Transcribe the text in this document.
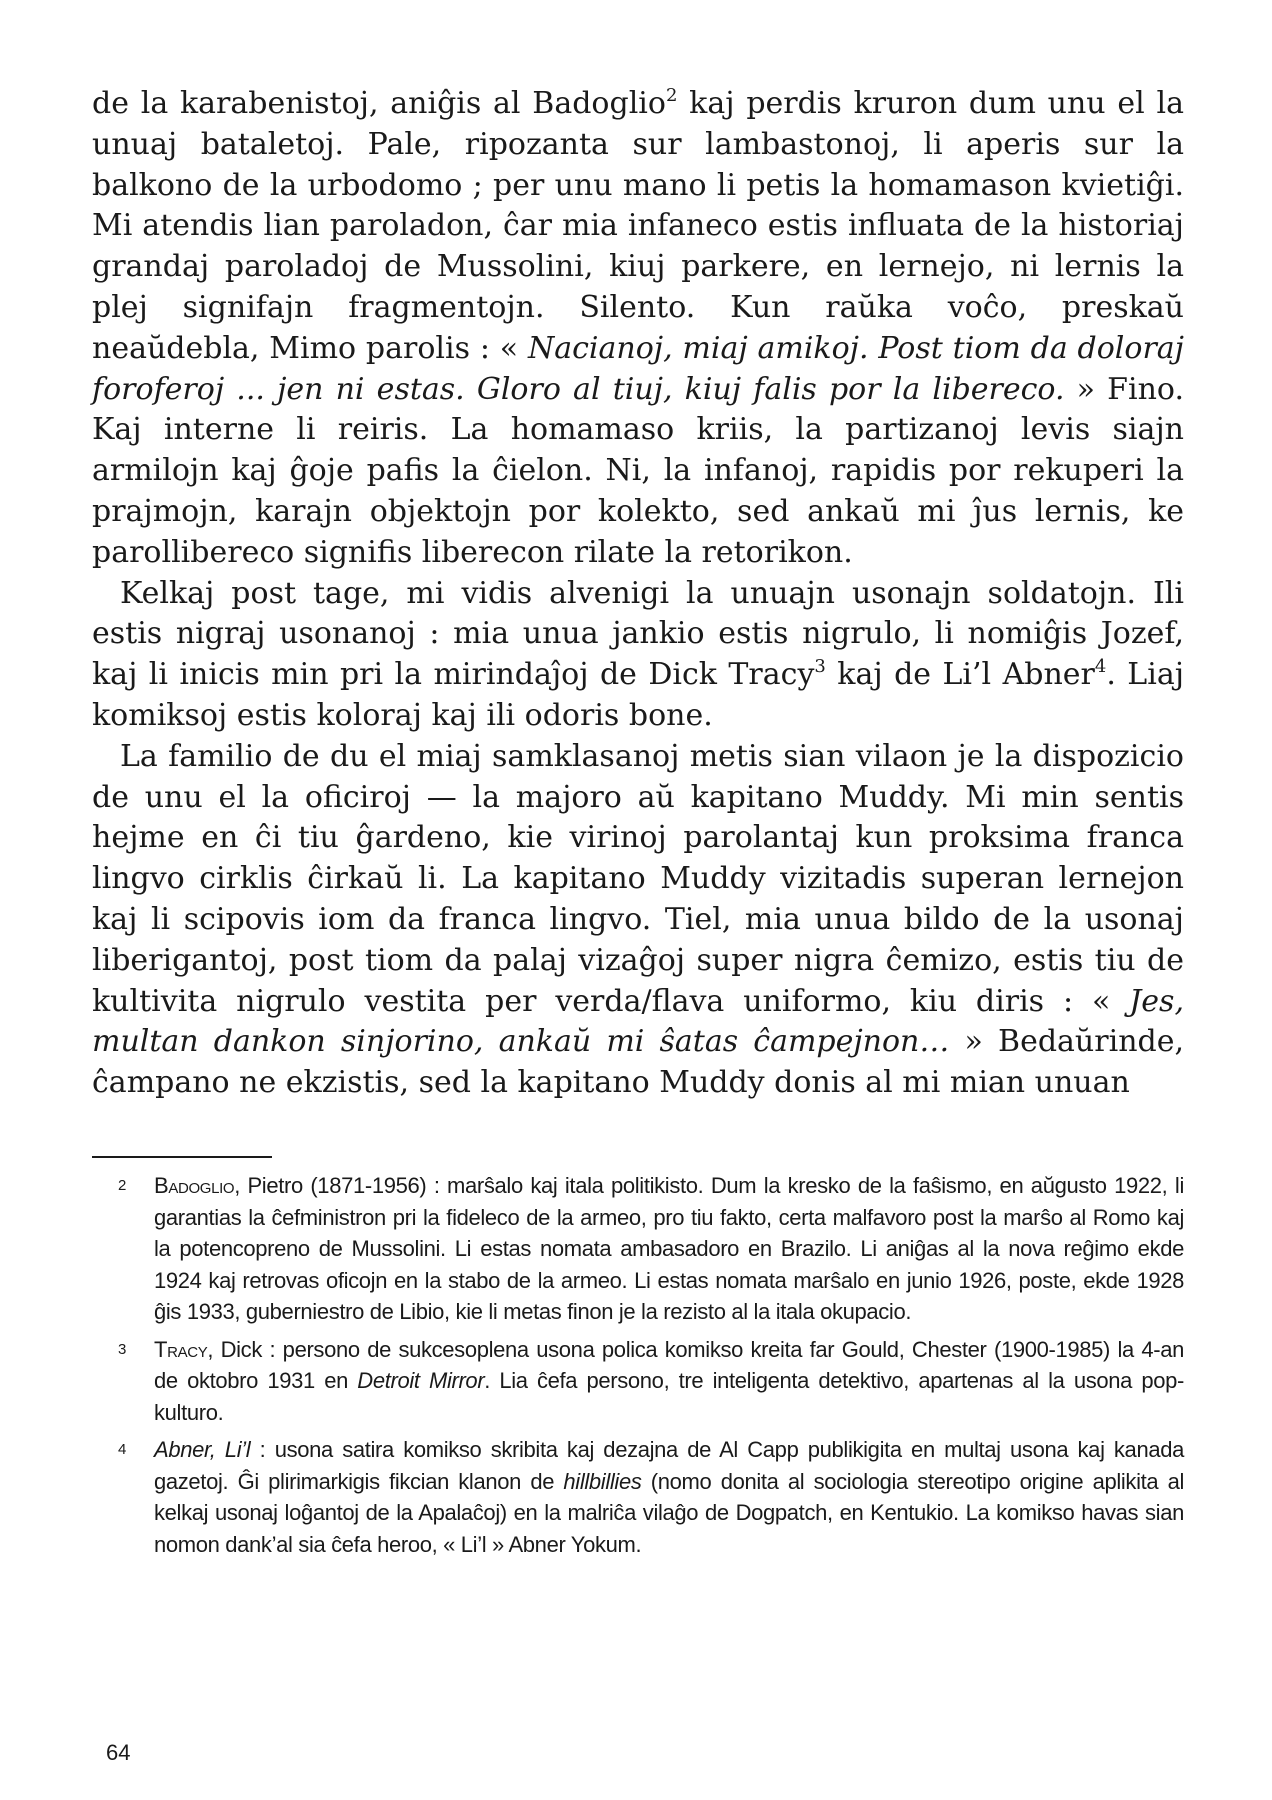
de la karabenistoj, aniĝis al Badoglio$^2$ kaj perdis kruron dum unu el la unuaj bataletoj. Pale, ripozanta sur lambastonoj, li aperis sur la balkono de la urbodomo ; per unu mano li petis la homamason kvietiĝi. Mi atendis lian paroladon, ĉar mia infaneco estis influata de la historiaj grandaj paroladoj de Mussolini, kiuj parkere, en lernejo, ni lernis la plej signifajn fragmentojn. Silento. Kun raŭka voĉo, preskaŭ neaŭdebla, Mimo parolis : « Nacianoj, miaj amikoj. Post tiom da doloraj foroferoj ... jen ni estas. Gloro al tiuj, kiuj falis por la libereco. » Fino. Kaj interne li reiris. La homamaso kriis, la partizanoj levis siajn armilojn kaj ĝoje pafis la ĉielon. Ni, la infanoj, rapidis por rekuperi la prajmojn, karajn objektojn por kolekto, sed ankaŭ mi ĵus lernis, ke parollibereco signifis liberecon rilate la retorikon.

Kelkaj post tage, mi vidis alvenigi la unuajn usonajn soldatojn. Ili estis nigraj usonanoj : mia unua jankio estis nigrulo, li nomiĝis Jozef, kaj li inicis min pri la mirindaĵoj de Dick Tracy$^3$ kaj de Li’l Abner$^4$. Liaj komiksoj estis koloraj kaj ili odoris bone.

La familio de du el miaj samklasanoj metis sian vilaon je la dispozicio de unu el la oficiroj — la majoro aŭ kapitano Muddy. Mi min sentis hejme en ĉi tiu ĝardeno, kie virinoj parolantaj kun proksima franca lingvo cirklis ĉirkaŭ li. La kapitano Muddy vizitadis superan lernejon kaj li scipovis iom da franca lingvo. Tiel, mia unua bildo de la usonaj liberigantoj, post tiom da palaj vizaĝoj super nigra ĉemizo, estis tiu de kultivita nigrulo vestita per verda/flava uniformo, kiu diris : « Jes, multan dankon sinjorino, ankaŭ mi ŝatas ĉampejnon… » Bedaŭrinde, ĉampano ne ekzistis, sed la kapitano Muddy donis al mi mian unuan

2 Badoglio, Pietro (1871-1956) : marŝalo kaj itala politikisto. Dum la kresko de la faŝismo, en aŭgusto 1922, li garantias la ĉefministron pri la fideleco de la armeo, pro tiu fakto, certa malfavoro post la marŝo al Romo kaj la potencopreno de Mussolini. Li estas nomata ambasadoro en Brazilo. Li aniĝas al la nova reĝimo ekde 1924 kaj retrovas oficojn en la stabo de la armeo. Li estas nomata marŝalo en junio 1926, poste, ekde 1928 ĝis 1933, guberniestro de Libio, kie li metas finon je la rezisto al la itala okupacio.
3 Tracy, Dick : persono de sukcesoplena usona polica komikso kreita far Gould, Chester (1900-1985) la 4-an de oktobro 1931 en Detroit Mirror. Lia ĉefa persono, tre inteligenta detektivo, apartenas al la usona pop-kulturo.
4 Abner, Li’l : usona satira komikso skribita kaj dezajna de Al Capp publikigita en multaj usona kaj kanada gazetoj. Ĝi plirimarkigis fikcian klanon de hillbillies (nomo donita al sociologia stereotipo origine aplikita al kelkaj usonaj loĝantoj de la Apalaĉoj) en la malriĉa vilaĝo de Dogpatch, en Kentukio. La komikso havas sian nomon dank’al sia ĉefa heroo, « Li’l » Abner Yokum.
64
